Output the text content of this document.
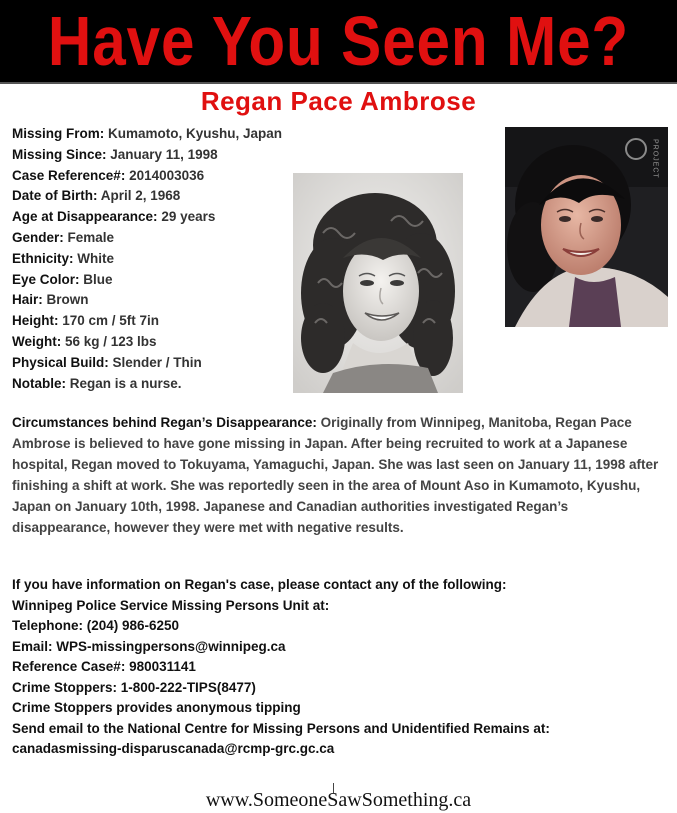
Have You Seen Me?
Regan Pace Ambrose
Missing From: Kumamoto, Kyushu, Japan
Missing Since: January 11, 1998
Case Reference#: 2014003036
Date of Birth: April 2, 1968
Age at Disappearance: 29 years
Gender: Female
Ethnicity: White
Eye Color: Blue
Hair: Brown
Height: 170 cm / 5ft 7in
Weight: 56 kg / 123 lbs
Physical Build: Slender / Thin
Notable: Regan is a nurse.
PROJECT
Circumstances behind Regan’s Disappearance: Originally from Winnipeg, Manitoba, Regan Pace Ambrose is believed to have gone missing in Japan. After being recruited to work at a Japanese hospital, Regan moved to Tokuyama, Yamaguchi, Japan. She was last seen on January 11, 1998 after finishing a shift at work. She was reportedly seen in the area of Mount Aso in Kumamoto, Kyushu, Japan on January 10th, 1998. Japanese and Canadian authorities investigated Regan’s disappearance, however they were met with negative results.
If you have information on Regan's case, please contact any of the following:
Winnipeg Police Service Missing Persons Unit at:
Telephone: (204) 986-6250
Email: WPS-missingpersons@winnipeg.ca
Reference Case#: 980031141
Crime Stoppers: 1-800-222-TIPS(8477)
Crime Stoppers provides anonymous tipping
Send email to the National Centre for Missing Persons and Unidentified Remains at:
canadasmissing-disparuscanada@rcmp-grc.gc.ca
www.SomeoneSawSomething.ca
